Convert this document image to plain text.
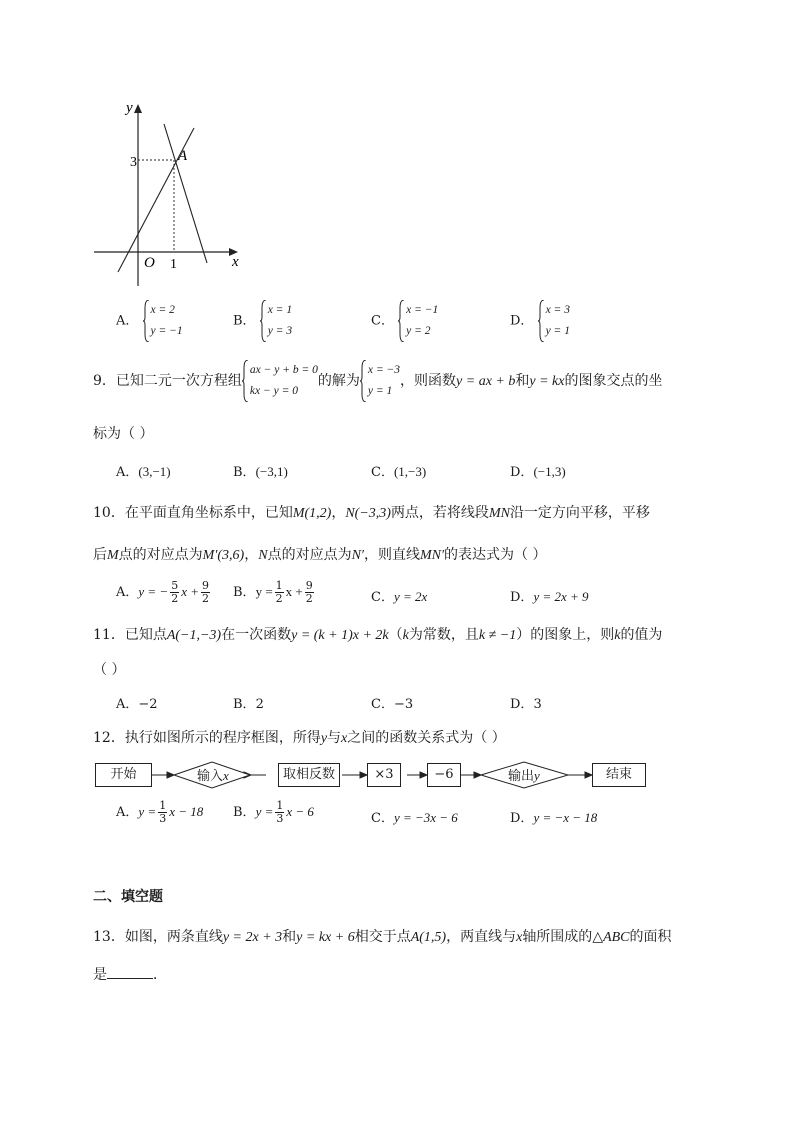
y
x
O
3
1
A
A．
x = 2
y = −1
B．
x = 1
y = 3
C．
x = −1
y = 2
D．
x = 3
y = 1
9．已知二元一次方程组
ax − y + b = 0
kx − y = 0
的解为
x = −3
y = 1
，则函数y = ax + b和y = kx的图象交点的坐
标为（ ）
A．(3,−1)	B．(−3,1)	C．(1,−3)	D．(−1,3)
10．在平面直角坐标系中，已知M(1,2)，N(−3,3)两点，若将线段MN沿一定方向平移，平移
后M点的对应点为M′(3,6)，N点的对应点为N′，则直线MN′的表达式为（ ）
A．y = − $\frac{5}{2}$ $x + \frac{9}{2}$ B．$y = \frac{1}{2}$ $x + \frac{9}{2}$	C．y = 2x	D．y = 2x + 9
11．已知点A(−1,−3)在一次函数y = (k + 1)x + 2k（k为常数，且k ≠ −1）的图象上，则k的值为
（ ）
A．−2	B．2	C．−3	D．3
12．执行如图所示的程序框图，所得y与x之间的函数关系式为（ ）
开始	输入x	取相反数	×3	−6	输出y	结束
A．$y = \frac{1}{3}$ x − 18 B．$y = \frac{1}{3}$ x − 6	C．y = −3x − 6	D．y = −x − 18
二、填空题
13．如图，两条直线y = 2x + 3和y = kx + 6相交于点A(1,5)，两直线与x轴所围成的△ABC的面积
是	．
